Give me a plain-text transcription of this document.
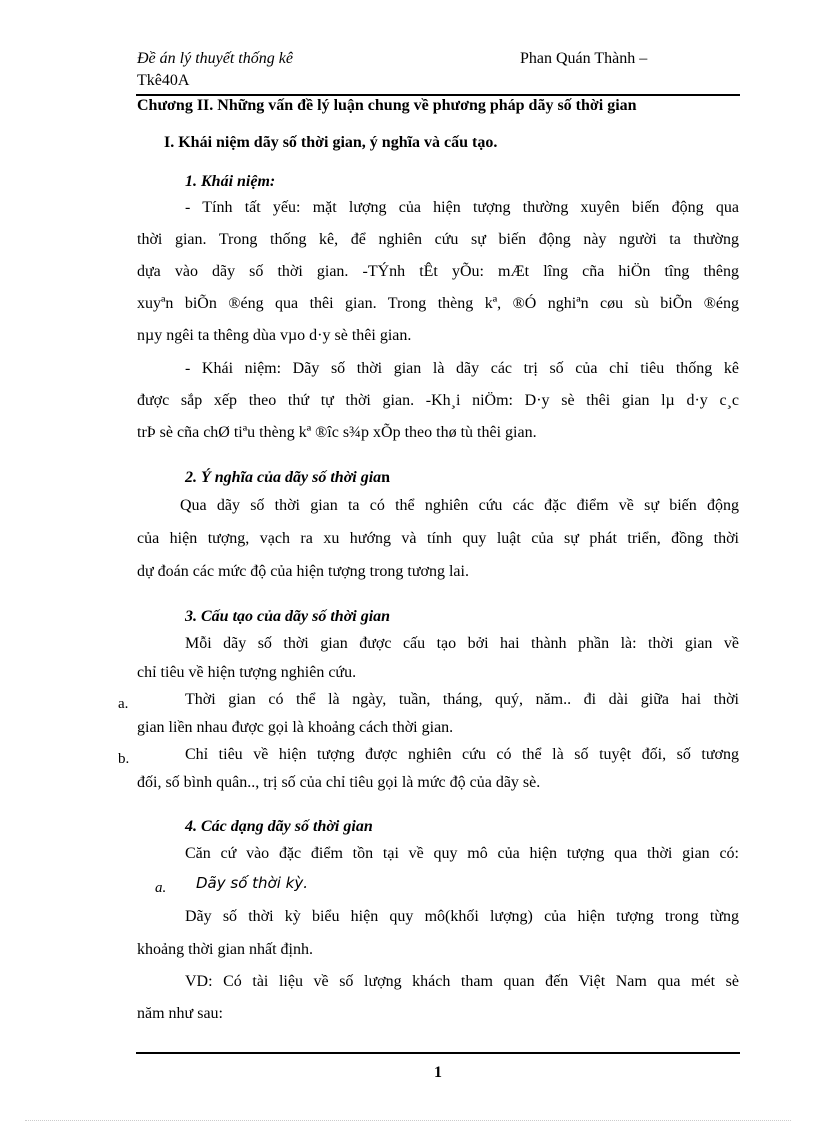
Đề án lý thuyết thống kê
Tkê40A
Phan Quán Thành –
Chương II. Những vấn đề lý luận chung về phương pháp dãy số thời gian
I. Khái niệm dãy số thời gian, ý nghĩa và cấu tạo.
1. Khái niệm:
- Tính tất yếu: mặt lượng của hiện tượng thường xuyên biến động qua
thời gian. Trong thống kê, để nghiên cứu sự biến động này người ta thường
dựa vào dãy số thời gian. -TÝnh tÊt yÕu: mÆt lîng cña hiÖn tîng thêng
xuyªn biÕn ®éng qua thêi gian. Trong thèng kª, ®Ó nghiªn cøu sù biÕn ®éng
nµy ngêi ta thêng dùa vµo d·y sè thêi gian.
- Khái niệm: Dãy số thời gian là dãy các trị số của chỉ tiêu thống kê
được sắp xếp theo thứ tự thời gian. -Kh¸i niÖm: D·y sè thêi gian lµ d·y c¸c
trÞ sè cña chØ tiªu thèng kª ®îc s¾p xÕp theo thø tù thêi gian.
2. Ý nghĩa của dãy số thời gian
Qua dãy số thời gian ta có thể nghiên cứu các đặc điểm về sự biến động
của hiện tượng, vạch ra xu hướng và tính quy luật của sự phát triển, đồng thời
dự đoán các mức độ của hiện tượng trong tương lai.
3. Cấu tạo của dãy số thời gian
Mỗi dãy số thời gian được cấu tạo bởi hai thành phần là: thời gian về
chỉ tiêu về hiện tượng nghiên cứu.
a.	Thời gian có thể là ngày, tuần, tháng, quý, năm.. đi dài giữa hai thời
gian liền nhau được gọi là khoảng cách thời gian.
b.	Chỉ tiêu về hiện tượng được nghiên cứu có thể là số tuyệt đối, số tương
đối, số bình quân.., trị số của chỉ tiêu gọi là mức độ của dãy sè.
4. Các dạng dãy số thời gian
Căn cứ vào đặc điểm tồn tại về quy mô của hiện tượng qua thời gian có:
a. Dãy số thời kỳ.
Dãy số thời kỳ biểu hiện quy mô(khối lượng) của hiện tượng trong từng
khoảng thời gian nhất định.
VD: Có tài liệu về số lượng khách tham quan đến Việt Nam qua mét sè
năm như sau:
1
